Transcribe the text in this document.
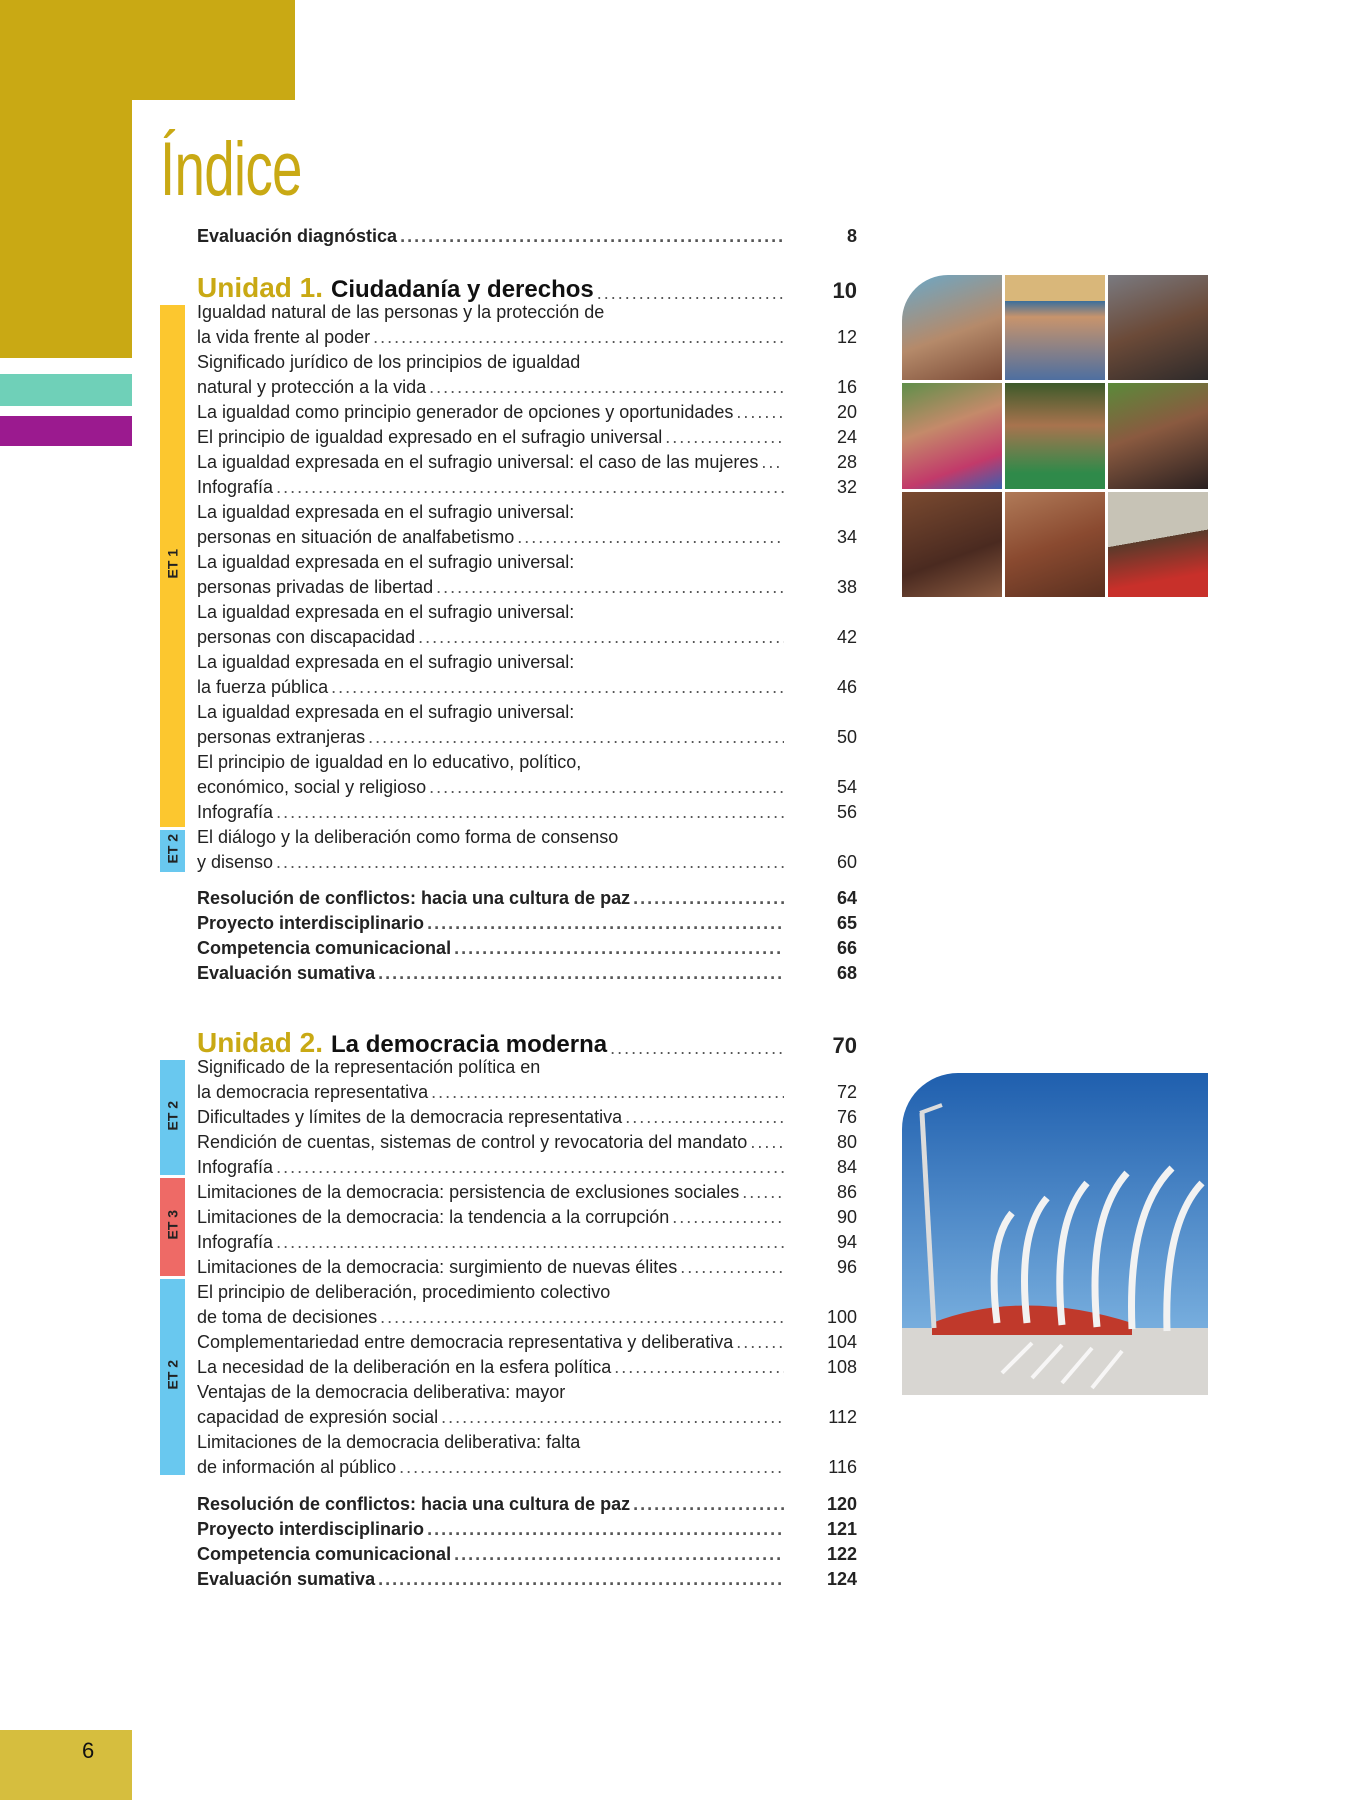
6
Índice
Evaluación diagnóstica .....	8
Unidad 1. Ciudadanía y derechos .....	10
ET 1
ET 2
Igualdad natural de las personas y la protección de
la vida frente al poder .....	12
Significado jurídico de los principios de igualdad
natural y protección a la vida .....	16
La igualdad como principio generador de opciones y oportunidades .....	20
El principio de igualdad expresado en el sufragio universal .....	24
La igualdad expresada en el sufragio universal: el caso de las mujeres .....	28
Infografía .....	32
La igualdad expresada en el sufragio universal:
personas en situación de analfabetismo .....	34
La igualdad expresada en el sufragio universal:
personas privadas de libertad .....	38
La igualdad expresada en el sufragio universal:
personas con discapacidad .....	42
La igualdad expresada en el sufragio universal:
la fuerza pública .....	46
La igualdad expresada en el sufragio universal:
personas extranjeras .....	50
El principio de igualdad en lo educativo, político,
económico, social y religioso .....	54
Infografía .....	56
El diálogo y la deliberación como forma de consenso
y disenso .....	60
Resolución de conflictos: hacia una cultura de paz .....	64
Proyecto interdisciplinario .....	65
Competencia comunicacional .....	66
Evaluación sumativa .....	68
Unidad 2. La democracia moderna .....	70
ET 2
ET 3
ET 2
Significado de la representación política en
la democracia representativa .....	72
Dificultades y límites de la democracia representativa .....	76
Rendición de cuentas, sistemas de control y revocatoria del mandato .....	80
Infografía .....	84
Limitaciones de la democracia: persistencia de exclusiones sociales .....	86
Limitaciones de la democracia: la tendencia a la corrupción .....	90
Infografía .....	94
Limitaciones de la democracia: surgimiento de nuevas élites .....	96
El principio de deliberación, procedimiento colectivo
de toma de decisiones .....	100
Complementariedad entre democracia representativa y deliberativa .....	104
La necesidad de la deliberación en la esfera política .....	108
Ventajas de la democracia deliberativa: mayor
capacidad de expresión social .....	112
Limitaciones de la democracia deliberativa: falta
de información al público .....	116
Resolución de conflictos: hacia una cultura de paz .....	120
Proyecto interdisciplinario .....	121
Competencia comunicacional .....	122
Evaluación sumativa .....	124
